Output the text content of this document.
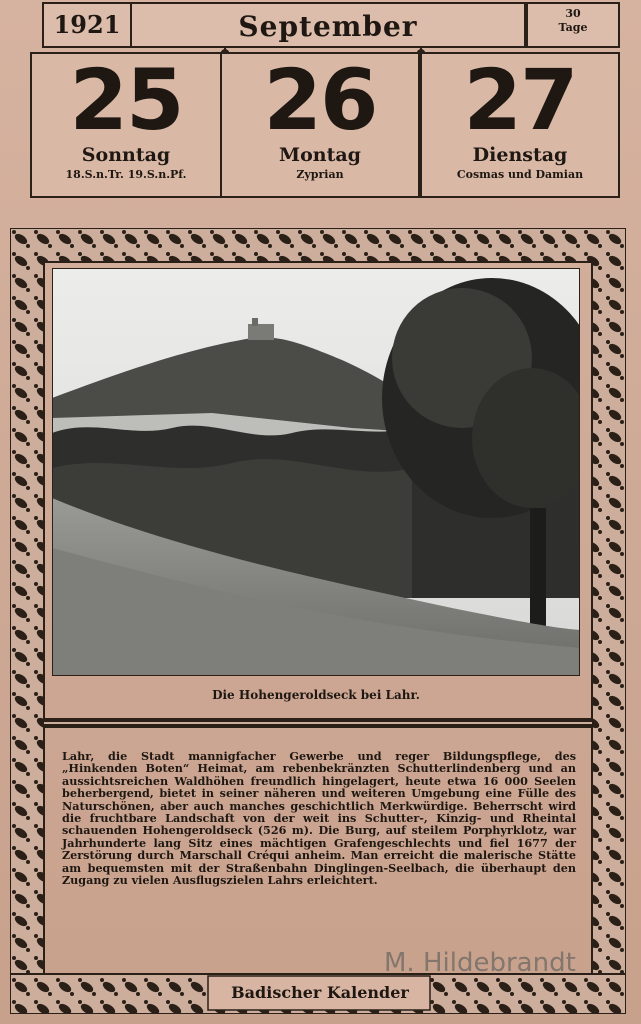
1921	September	30
Tage
25
Sonntag
18.S.n.Tr. 19.S.n.Pf.
26
Montag
Zyprian
27
Dienstag
Cosmas und Damian
Die Hohengeroldseck bei Lahr.
Lahr, die Stadt mannigfacher Gewerbe und reger Bildungspflege, des „Hinkenden Boten“ Heimat, am rebenbekränzten Schutterlindenberg und an aussichtsreichen Waldhöhen freundlich hingelagert, heute etwa 16 000 Seelen beherbergend, bietet in seiner näheren und weiteren Umgebung eine Fülle des Naturschönen, aber auch manches geschichtlich Merkwürdige. Beherrscht wird die fruchtbare Landschaft von der weit ins Schutter-, Kinzig- und Rheintal schauenden Hohengeroldseck (526 m). Die Burg, auf steilem Porphyrklotz, war Jahrhunderte lang Sitz eines mächtigen Grafengeschlechts und fiel 1677 der Zerstörung durch Marschall Créqui anheim. Man erreicht die malerische Stätte am bequemsten mit der Straßenbahn Dinglingen-Seelbach, die überhaupt den Zugang zu vielen Ausflugszielen Lahrs erleichtert.
Badischer Kalender
M. Hildebrandt
